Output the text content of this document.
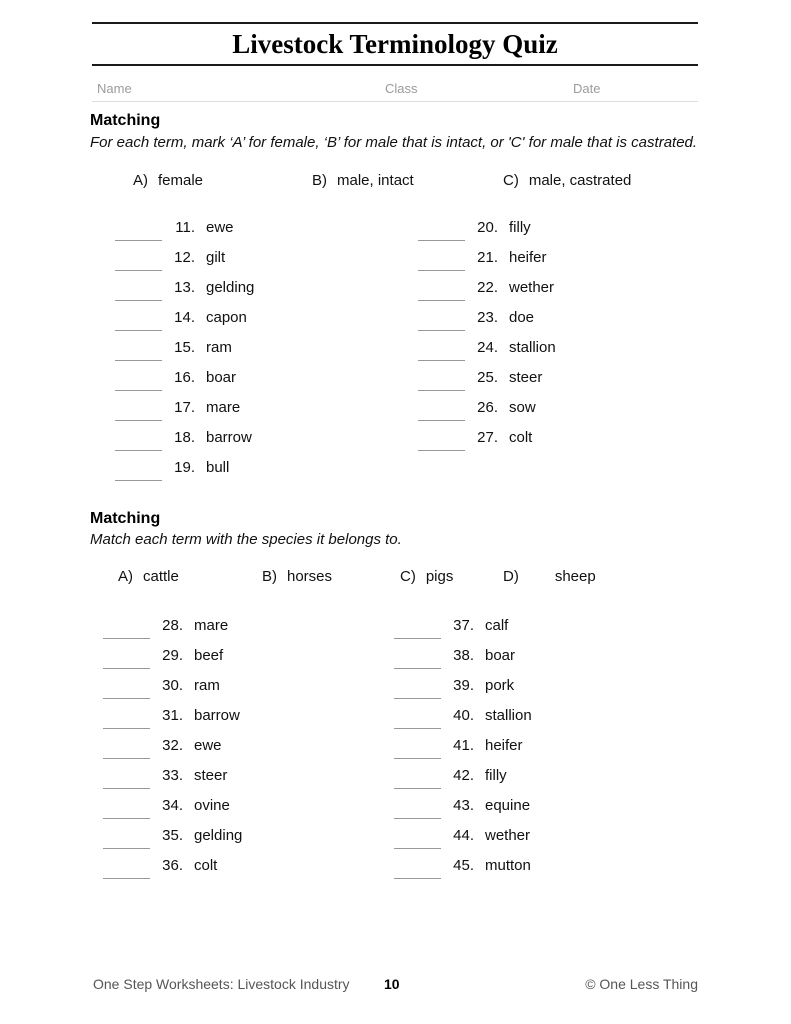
Livestock Terminology Quiz
Name	Class	Date
Matching
For each term, mark ‘A’ for female, ‘B’ for male that is intact, or 'C' for male that is castrated.
A) female	B) male, intact	C) male, castrated
11. ewe
12. gilt
13. gelding
14. capon
15. ram
16. boar
17. mare
18. barrow
19. bull
20. filly
21. heifer
22. wether
23. doe
24. stallion
25. steer
26. sow
27. colt
Matching
Match each term with the species it belongs to.
A) cattle	B) horses	C) pigs	D) sheep
28. mare
29. beef
30. ram
31. barrow
32. ewe
33. steer
34. ovine
35. gelding
36. colt
37. calf
38. boar
39. pork
40. stallion
41. heifer
42. filly
43. equine
44. wether
45. mutton
One Step Worksheets: Livestock Industry 10	© One Less Thing
